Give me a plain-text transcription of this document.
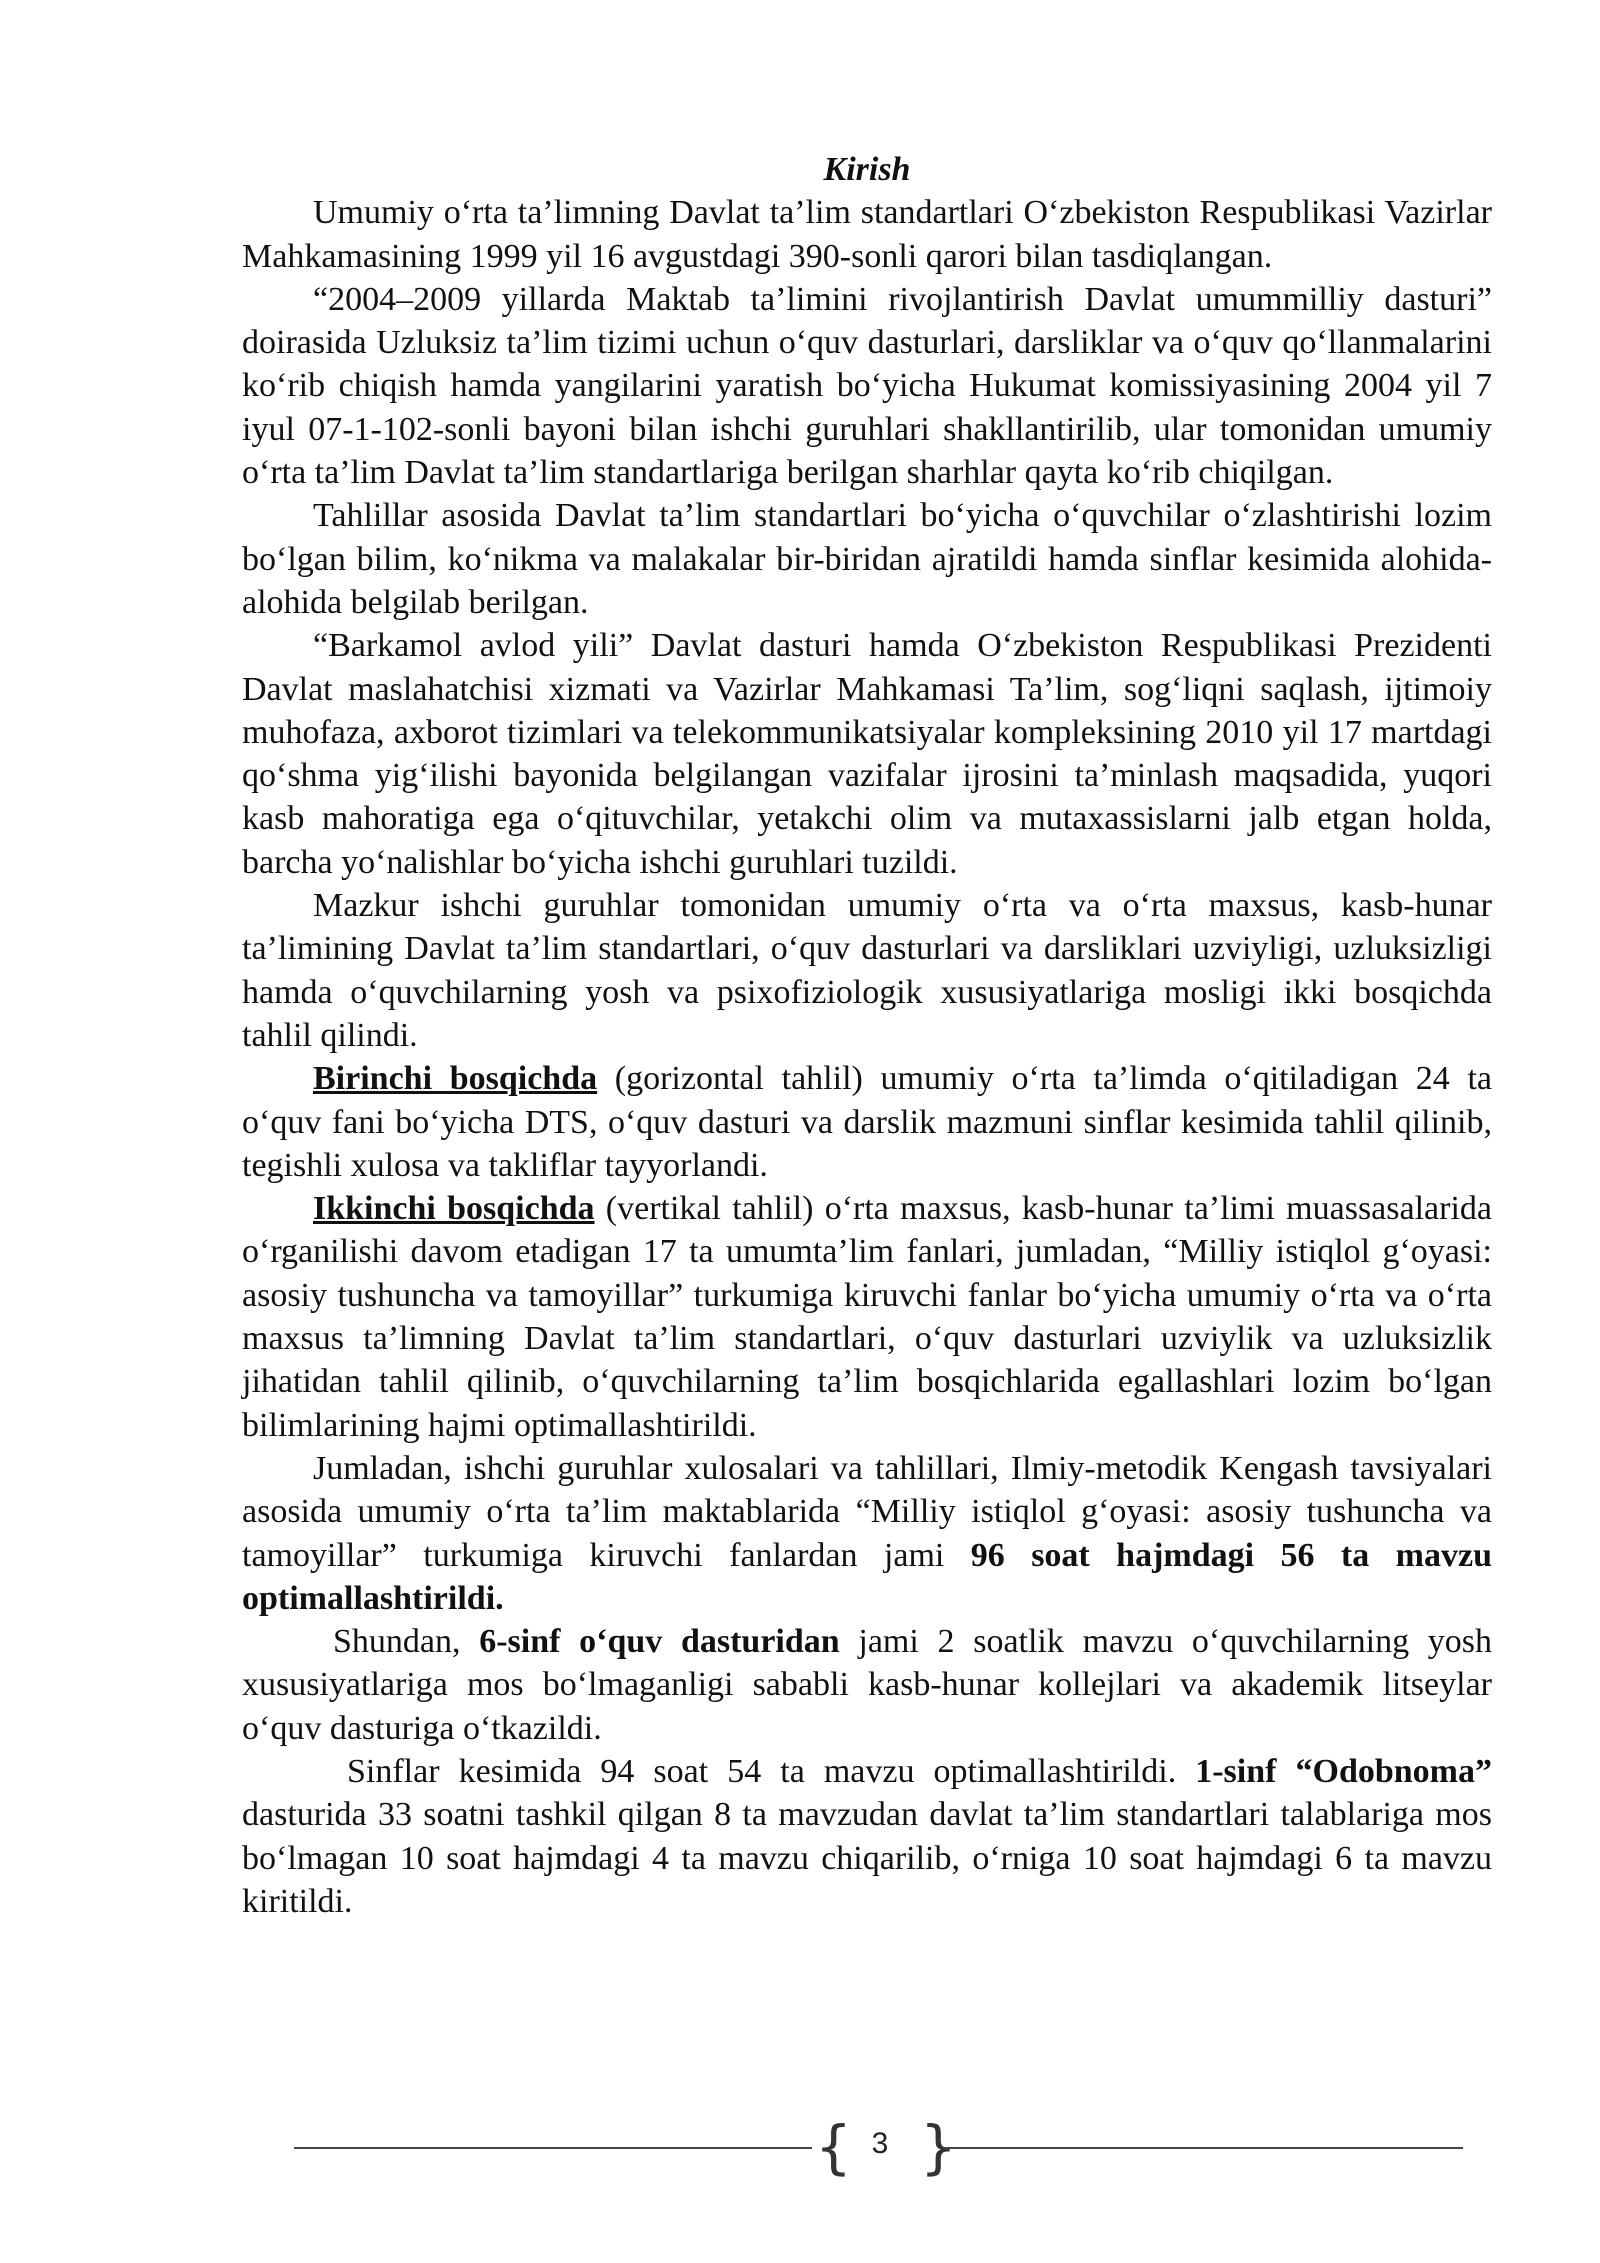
Kirish

Umumiy o‘rta ta’limning Davlat ta’lim standartlari O‘zbekiston Respublikasi Vazirlar Mahkamasining 1999 yil 16 avgustdagi 390-sonli qarori bilan tasdiqlangan.

“2004–2009 yillarda Maktab ta’limini rivojlantirish Davlat umummilliy dasturi” doirasida Uzluksiz ta’lim tizimi uchun o‘quv dasturlari, darsliklar va o‘quv qo‘llanmalarini ko‘rib chiqish hamda yangilarini yaratish bo‘yicha Hukumat komissiyasining 2004 yil 7 iyul 07-1-102-sonli bayoni bilan ishchi guruhlari shakllantirilib, ular tomonidan umumiy o‘rta ta’lim Davlat ta’lim standartlariga berilgan sharhlar qayta ko‘rib chiqilgan.

Tahlillar asosida Davlat ta’lim standartlari bo‘yicha o‘quvchilar o‘zlashtirishi lozim bo‘lgan bilim, ko‘nikma va malakalar bir-biridan ajratildi hamda sinflar kesimida alohida-alohida belgilab berilgan.

“Barkamol avlod yili” Davlat dasturi hamda O‘zbekiston Respublikasi Prezidenti Davlat maslahatchisi xizmati va Vazirlar Mahkamasi Ta’lim, sog‘liqni saqlash, ijtimoiy muhofaza, axborot tizimlari va telekommunikatsiyalar kompleksining 2010 yil 17 martdagi qo‘shma yig‘ilishi bayonida belgilangan vazifalar ijrosini ta’minlash maqsadida, yuqori kasb mahoratiga ega o‘qituvchilar, yetakchi olim va mutaxassislarni jalb etgan holda, barcha yo‘nalishlar bo‘yicha ishchi guruhlari tuzildi.

Mazkur ishchi guruhlar tomonidan umumiy o‘rta va o‘rta maxsus, kasb-hunar ta’limining Davlat ta’lim standartlari, o‘quv dasturlari va darsliklari uzviyligi, uzluksizligi hamda o‘quvchilarning yosh va psixofiziologik xususiyatlariga mosligi ikki bosqichda tahlil qilindi.

Birinchi bosqichda (gorizontal tahlil) umumiy o‘rta ta’limda o‘qitiladigan 24 ta o‘quv fani bo‘yicha DTS, o‘quv dasturi va darslik mazmuni sinflar kesimida tahlil qilinib, tegishli xulosa va takliflar tayyorlandi.

Ikkinchi bosqichda (vertikal tahlil) o‘rta maxsus, kasb-hunar ta’limi muassasalarida o‘rganilishi davom etadigan 17 ta umumta’lim fanlari, jumladan, “Milliy istiqlol g‘oyasi: asosiy tushuncha va tamoyillar” turkumiga kiruvchi fanlar bo‘yicha umumiy o‘rta va o‘rta maxsus ta’limning Davlat ta’lim standartlari, o‘quv dasturlari uzviylik va uzluksizlik jihatidan tahlil qilinib, o‘quvchilarning ta’lim bosqichlarida egallashlari lozim bo‘lgan bilimlarining hajmi optimallashtirildi.

Jumladan, ishchi guruhlar xulosalari va tahlillari, Ilmiy-metodik Kengash tavsiyalari asosida umumiy o‘rta ta’lim maktablarida “Milliy istiqlol g‘oyasi: asosiy tushuncha va tamoyillar” turkumiga kiruvchi fanlardan jami 96 soat hajmdagi 56 ta mavzu optimallashtirildi.

Shundan, 6-sinf o‘quv dasturidan jami 2 soatlik mavzu o‘quvchilarning yosh xususiyatlariga mos bo‘lmaganligi sababli kasb-hunar kollejlari va akademik litseylar o‘quv dasturiga o‘tkazildi.

Sinflar kesimida 94 soat 54 ta mavzu optimallashtirildi. 1-sinf “Odobnoma” dasturida 33 soatni tashkil qilgan 8 ta mavzudan davlat ta’lim standartlari talablariga mos bo‘lmagan 10 soat hajmdagi 4 ta mavzu chiqarilib, o‘rniga 10 soat hajmdagi 6 ta mavzu kiritildi.

{ 3 }
